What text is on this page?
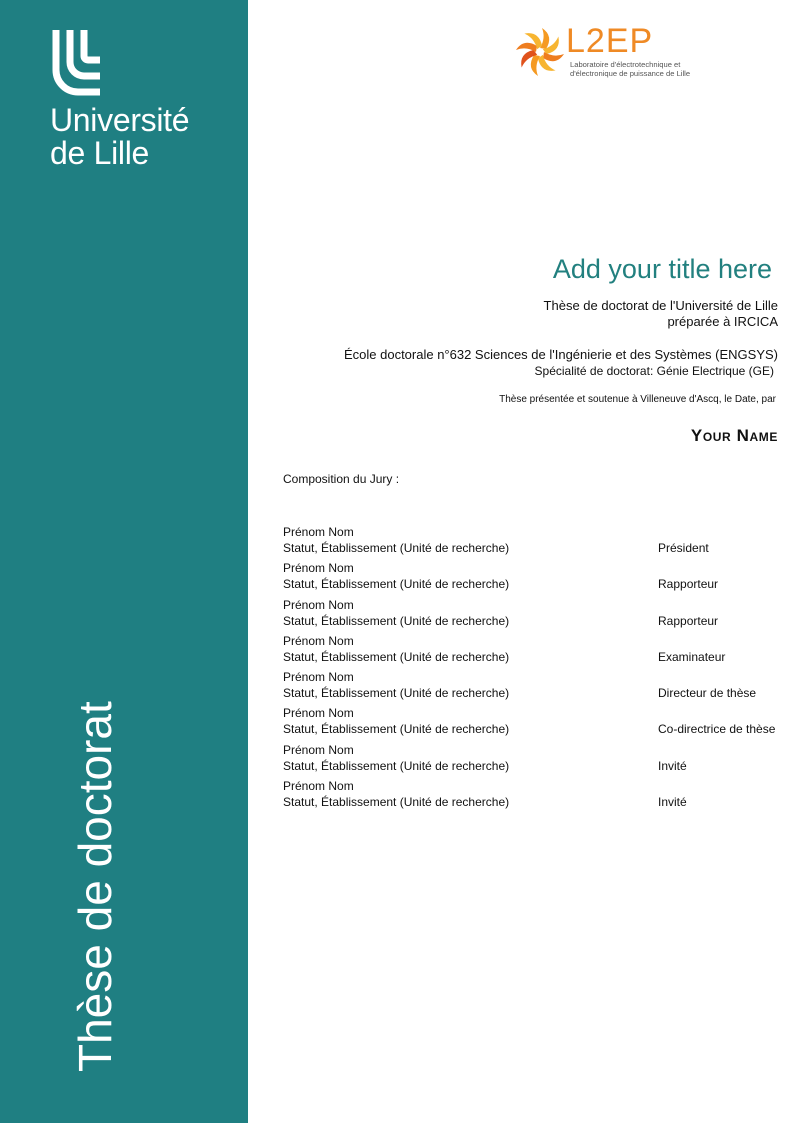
Université
de Lille
Thèse de doctorat
L2EP
Laboratoire d'électrotechnique et
d'électronique de puissance de Lille
Add your title here
Thèse de doctorat de l'Université de Lille
préparée à IRCICA
École doctorale n°632 Sciences de l'Ingénierie et des Systèmes (ENGSYS)
Spécialité de doctorat: Génie Electrique (GE)
Thèse présentée et soutenue à Villeneuve d'Ascq, le Date, par
Your Name
Composition du Jury :
Prénom Nom
Statut, Établissement (Unité de recherche)	Président
Prénom Nom
Statut, Établissement (Unité de recherche)	Rapporteur
Prénom Nom
Statut, Établissement (Unité de recherche)	Rapporteur
Prénom Nom
Statut, Établissement (Unité de recherche)	Examinateur
Prénom Nom
Statut, Établissement (Unité de recherche)	Directeur de thèse
Prénom Nom
Statut, Établissement (Unité de recherche)	Co-directrice de thèse
Prénom Nom
Statut, Établissement (Unité de recherche)	Invité
Prénom Nom
Statut, Établissement (Unité de recherche)	Invité
